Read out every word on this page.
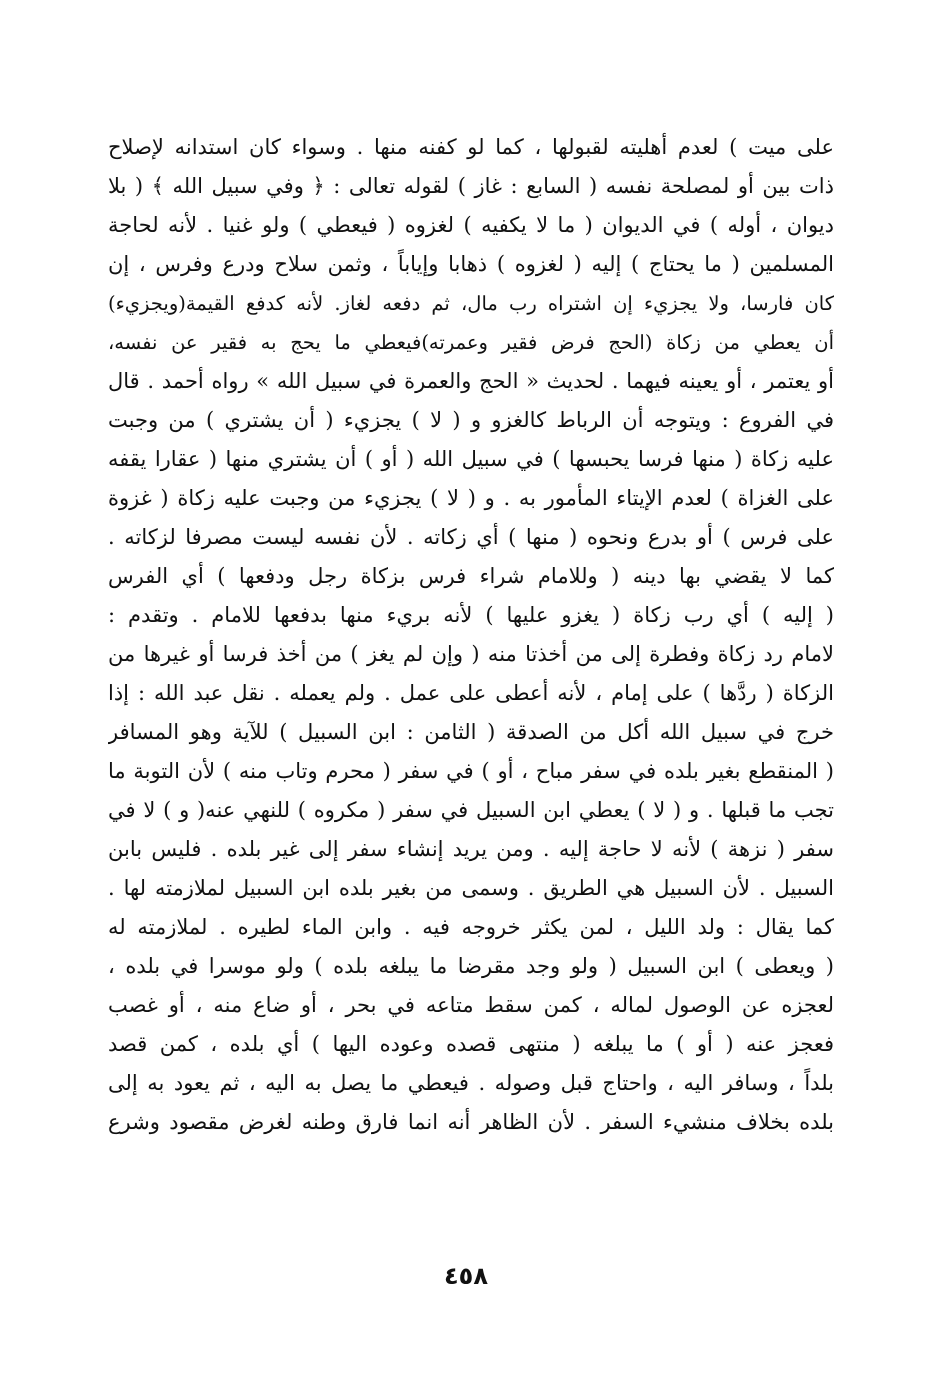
على ميت ) لعدم أهليته لقبولها ، كما لو كفنه منها . وسواء كان استدانه لإصلاح
ذات بين أو لمصلحة نفسه ( السابع : غاز ) لقوله تعالى : ﴿ وفي سبيل الله ﴾ ( بلا
ديوان ، أوله ) في الديوان ( ما لا يكفيه ) لغزوه ( فيعطي ) ولو غنيا . لأنه لحاجة
المسلمين ( ما يحتاج ) إليه ( لغزوه ) ذهابا وإياباً ، وثمن سلاح ودرع وفرس ، إن
كان فارسا، ولا يجزيء إن اشتراه رب مال، ثم دفعه لغاز. لأنه كدفع القيمة(ويجزيء)
أن يعطي من زكاة (الحج فرض فقير وعمرته)فيعطي ما يحج به فقير عن نفسه،
أو يعتمر ، أو يعينه فيهما . لحديث « الحج والعمرة في سبيل الله » رواه أحمد . قال
في الفروع : ويتوجه أن الرباط كالغزو و ( لا ) يجزيء ( أن يشتري ) من وجبت
عليه زكاة ( منها فرسا يحبسها ) في سبيل الله ( أو ) أن يشتري منها ( عقارا يقفه
على الغزاة ) لعدم الإيتاء المأمور به . و ( لا ) يجزيء من وجبت عليه زكاة ( غزوة
على فرس ) أو بدرع ونحوه ( منها ) أي زكاته . لأن نفسه ليست مصرفا لزكاته .
كما لا يقضي بها دينه ( وللامام شراء فرس بزكاة رجل ودفعها ) أي الفرس
( إليه ) أي رب زكاة ( يغزو عليها ) لأنه بريء منها بدفعها للامام . وتقدم :
لامام رد زكاة وفطرة إلى من أخذتا منه ( وإن لم يغز ) من أخذ فرسا أو غيرها من
الزكاة ( ردَّها ) على إمام ، لأنه أعطى على عمل . ولم يعمله . نقل عبد الله : إذا
خرج في سبيل الله أكل من الصدقة ( الثامن : ابن السبيل ) للآية وهو المسافر
( المنقطع بغير بلده في سفر مباح ، أو ) في سفر ( محرم وتاب منه ) لأن التوبة ما
تجب ما قبلها . و ( لا ) يعطي ابن السبيل في سفر ( مكروه ) للنهي عنه( و ) لا في
سفر ( نزهة ) لأنه لا حاجة إليه . ومن يريد إنشاء سفر إلى غير بلده . فليس بابن
السبيل . لأن السبيل هي الطريق . وسمى من بغير بلده ابن السبيل لملازمته لها .
كما يقال : ولد الليل ، لمن يكثر خروجه فيه . وابن الماء لطيره . لملازمته له
( ويعطى ) ابن السبيل ( ولو وجد مقرضا ما يبلغه بلده ) ولو موسرا في بلده ،
لعجزه عن الوصول لماله ، كمن سقط متاعه في بحر ، أو ضاع منه ، أو غصب
فعجز عنه ( أو ) ما يبلغه ( منتهى قصده وعوده اليها ) أي بلده ، كمن قصد
بلداً ، وسافر اليه ، واحتاج قبل وصوله . فيعطي ما يصل به اليه ، ثم يعود به إلى
بلده بخلاف منشيء السفر . لأن الظاهر أنه انما فارق وطنه لغرض مقصود وشرع
٤٥٨
